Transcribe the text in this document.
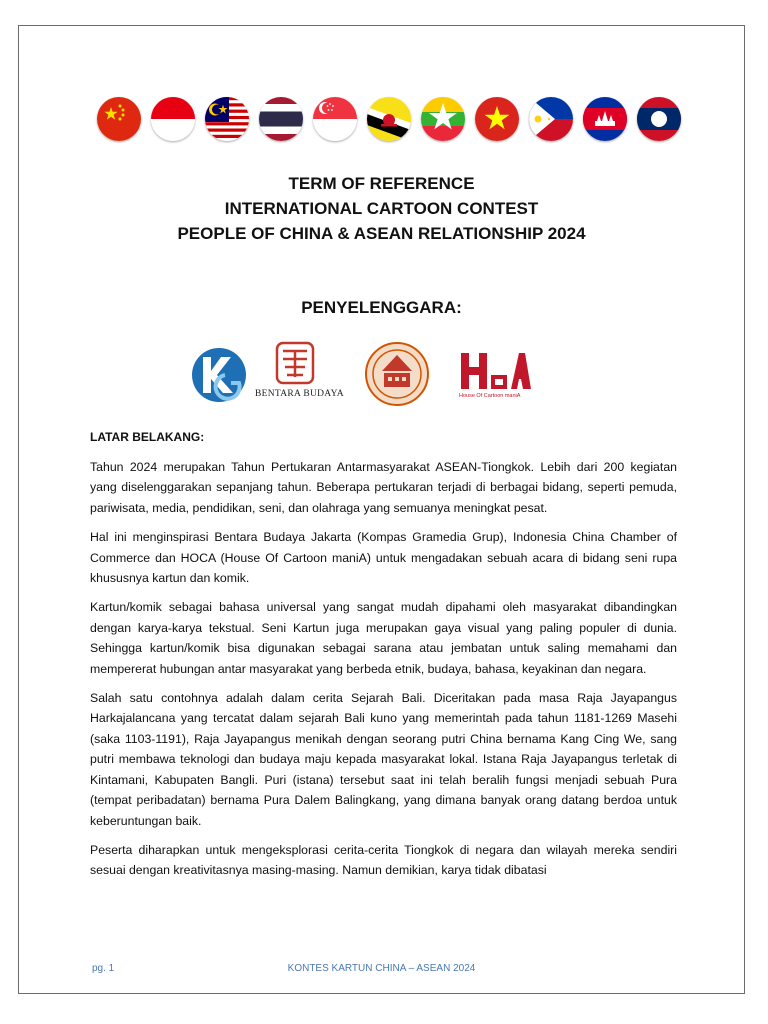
TERM OF REFERENCE
INTERNATIONAL CARTOON CONTEST
PEOPLE OF CHINA & ASEAN RELATIONSHIP 2024
PENYELENGGARA:
BENTARA BUDAYA	House Of Cartoon maniA
LATAR BELAKANG:

Tahun 2024 merupakan Tahun Pertukaran Antarmasyarakat ASEAN-Tiongkok. Lebih dari 200 kegiatan yang diselenggarakan sepanjang tahun. Beberapa pertukaran terjadi di berbagai bidang, seperti pemuda, pariwisata, media, pendidikan, seni, dan olahraga yang semuanya meningkat pesat.

Hal ini menginspirasi Bentara Budaya Jakarta (Kompas Gramedia Grup), Indonesia China Chamber of Commerce dan HOCA (House Of Cartoon maniA) untuk mengadakan sebuah acara di bidang seni rupa khususnya kartun dan komik.

Kartun/komik sebagai bahasa universal yang sangat mudah dipahami oleh masyarakat dibandingkan dengan karya-karya tekstual. Seni Kartun juga merupakan gaya visual yang paling populer di dunia. Sehingga kartun/komik bisa digunakan sebagai sarana atau jembatan untuk saling memahami dan mempererat hubungan antar masyarakat yang berbeda etnik, budaya, bahasa, keyakinan dan negara.

Salah satu contohnya adalah dalam cerita Sejarah Bali. Diceritakan pada masa Raja Jayapangus Harkajalancana yang tercatat dalam sejarah Bali kuno yang memerintah pada tahun 1181-1269 Masehi (saka 1103-1191), Raja Jayapangus menikah dengan seorang putri China bernama Kang Cing We, sang putri membawa teknologi dan budaya maju kepada masyarakat lokal. Istana Raja Jayapangus terletak di Kintamani, Kabupaten Bangli. Puri (istana) tersebut saat ini telah beralih fungsi menjadi sebuah Pura (tempat peribadatan) bernama Pura Dalem Balingkang, yang dimana banyak orang datang berdoa untuk keberuntungan baik.

Peserta diharapkan untuk mengeksplorasi cerita-cerita Tiongkok di negara dan wilayah mereka sendiri sesuai dengan kreativitasnya masing-masing. Namun demikian, karya tidak dibatasi

pg. 1	KONTES KARTUN CHINA – ASEAN 2024
